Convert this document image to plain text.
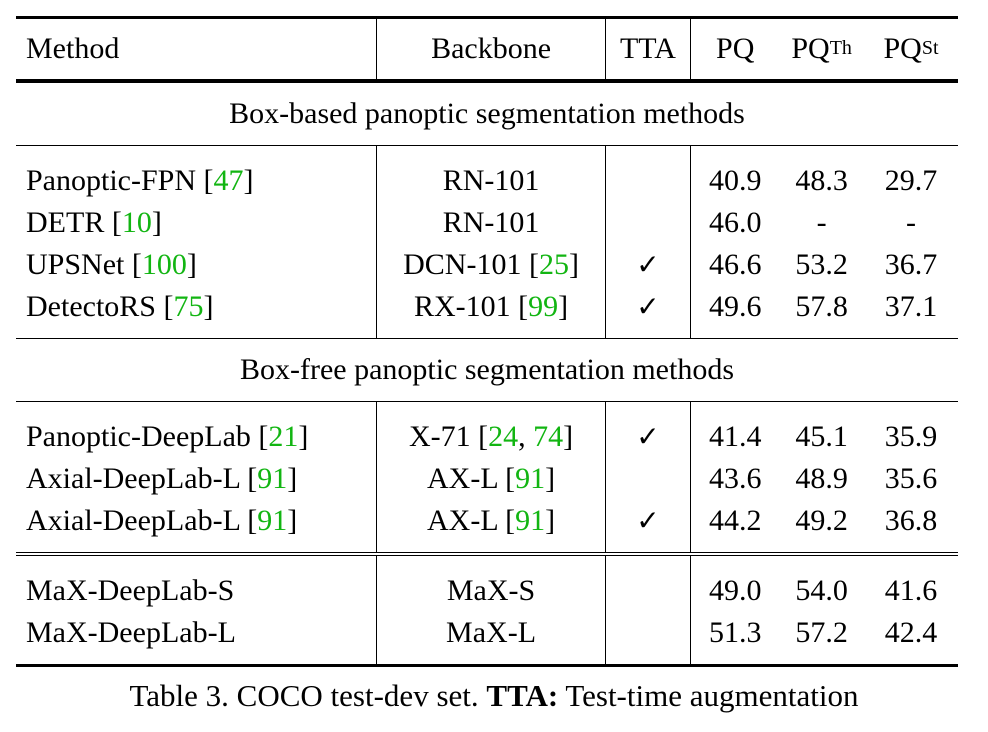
Method	Backbone	TTA	PQ	$PQ^{Th}$	$PQ^{St}$
Box-based panoptic segmentation methods					
Panoptic-FPN [47]	RN-101		40.9	48.3	29.7
DETR [10]	RN-101		46.0	-	-
UPSNet [100]	DCN-101 [25]	✓	46.6	53.2	36.7
DetectoRS [75]	RX-101 [99]	✓	49.6	57.8	37.1
Box-free panoptic segmentation methods					
Panoptic-DeepLab [21]	X-71 [24, 74]	✓	41.4	45.1	35.9
Axial-DeepLab-L [91]	AX-L [91]		43.6	48.9	35.6
Axial-DeepLab-L [91]	AX-L [91]	✓	44.2	49.2	36.8
MaX-DeepLab-S	MaX-S		49.0	54.0	41.6
MaX-DeepLab-L	MaX-L		51.3	57.2	42.4
Table 3. COCO test-dev set. TTA: Test-time augmentation
